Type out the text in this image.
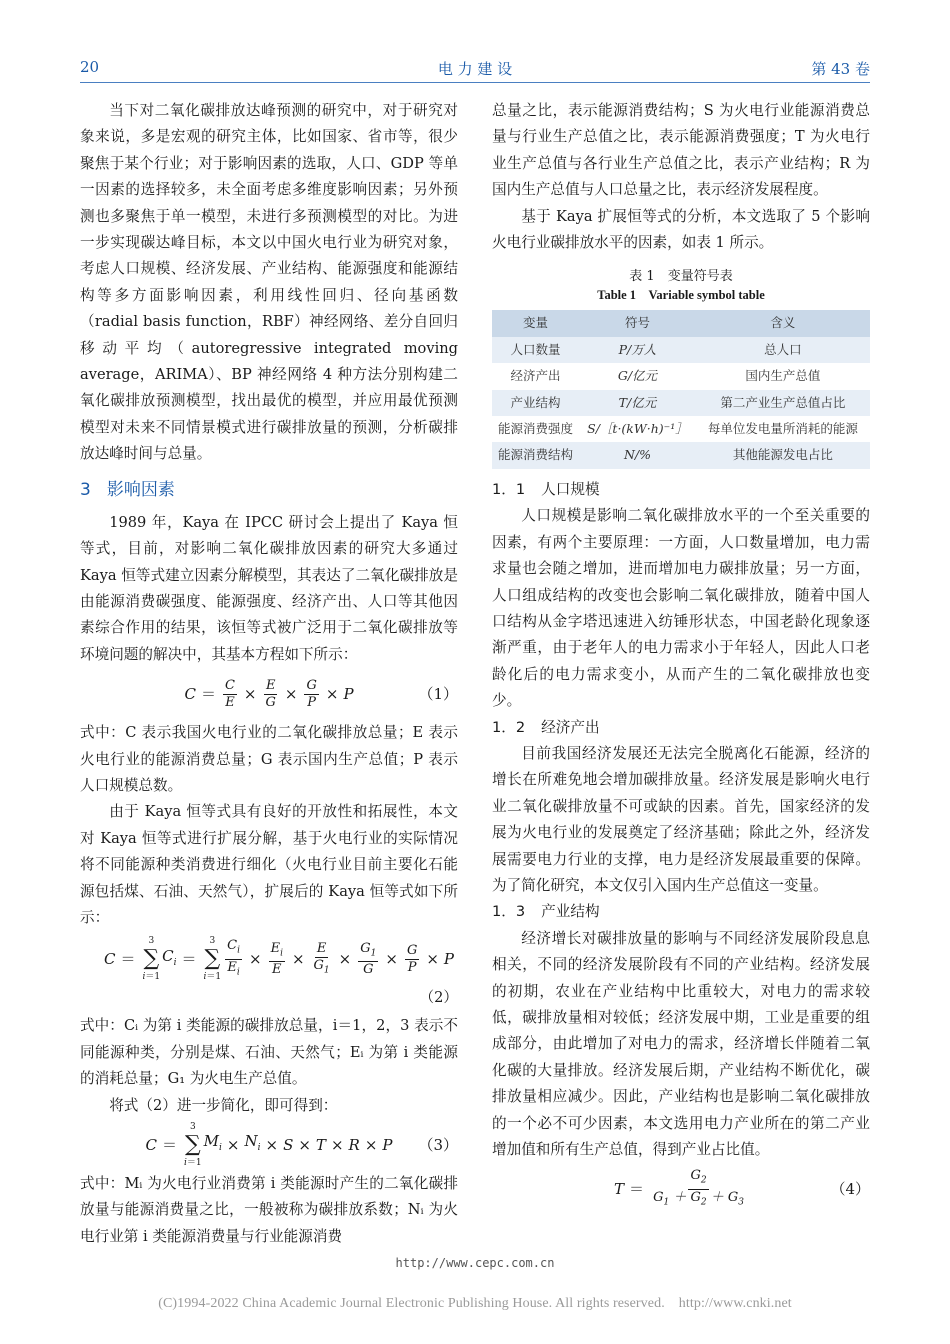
20	电 力 建 设	第 43 卷

当下对二氧化碳排放达峰预测的研究中，对于研究对象来说，多是宏观的研究主体，比如国家、省市等，很少聚焦于某个行业；对于影响因素的选取，人口、GDP 等单一因素的选择较多，未全面考虑多维度影响因素；另外预测也多聚焦于单一模型，未进行多预测模型的对比。为进一步实现碳达峰目标，本文以中国火电行业为研究对象，考虑人口规模、经济发展、产业结构、能源强度和能源结构等多方面影响因素，利用线性回归、径向基函数（radial basis function，RBF）神经网络、差分自回归移动平均（autoregressive integrated moving average，ARIMA）、BP 神经网络 4 种方法分别构建二氧化碳排放预测模型，找出最优的模型，并应用最优预测模型对未来不同情景模式进行碳排放量的预测，分析碳排放达峰时间与总量。

3 影响因素

1989 年，Kaya 在 IPCC 研讨会上提出了 Kaya 恒等式，目前，对影响二氧化碳排放因素的研究大多通过 Kaya 恒等式建立因素分解模型，其表达了二氧化碳排放是由能源消费碳强度、能源强度、经济产出、人口等其他因素综合作用的结果，该恒等式被广泛用于二氧化碳排放等环境问题的解决中，其基本方程如下所示：

$C = \frac{C}{E} \times \frac{E}{G} \times \frac{G}{P} \times P$	（1）

式中：C 表示我国火电行业的二氧化碳排放总量；E 表示火电行业的能源消费总量；G 表示国内生产总值；P 表示人口规模总数。

由于 Kaya 恒等式具有良好的开放性和拓展性，本文对 Kaya 恒等式进行扩展分解，基于火电行业的实际情况将不同能源种类消费进行细化（火电行业目前主要化石能源包括煤、石油、天然气），扩展后的 Kaya 恒等式如下所示：

C ＝
3
∑
i＝1
$C_i$ ＝
3
∑
$i=1 \frac{C_i}{E_i} \times \frac{E_i}{E} \times \frac{E}{G_1} \times \frac{G_1}{G} \times \frac{G}{P} \times P$
（2）

式中：Cᵢ 为第 i 类能源的碳排放总量，i＝1，2，3 表示不同能源种类，分别是煤、石油、天然气；Eᵢ 为第 i 类能源的消耗总量；G₁ 为火电生产总值。

将式（2）进一步简化，即可得到：

C ＝
3
∑
i＝1
$M_i \times N_i \times S \times T \times R \times P$ （3）

式中：Mᵢ 为火电行业消费第 i 类能源时产生的二氧化碳排放量与能源消费量之比，一般被称为碳排放系数；Nᵢ 为火电行业第 i 类能源消费量与行业能源消费

总量之比，表示能源消费结构；S 为火电行业能源消费总量与行业生产总值之比，表示能源消费强度；T 为火电行业生产总值与各行业生产总值之比，表示产业结构；R 为国内生产总值与人口总量之比，表示经济发展程度。

基于 Kaya 扩展恒等式的分析，本文选取了 5 个影响火电行业碳排放水平的因素，如表 1 所示。

表 1　变量符号表
Table 1　Variable symbol table
变量	符号	含义
人口数量	P/万人	总人口
经济产出	G/亿元	国内生产总值
产业结构	T/亿元	第二产业生产总值占比
能源消费强度	S/［t·(kW·h)⁻¹］	每单位发电量所消耗的能源
能源消费结构	N/%	其他能源发电占比
1．1 人口规模

人口规模是影响二氧化碳排放水平的一个至关重要的因素，有两个主要原理：一方面，人口数量增加，电力需求量也会随之增加，进而增加电力碳排放量；另一方面，人口组成结构的改变也会影响二氧化碳排放，随着中国人口结构从金字塔迅速进入纺锤形状态，中国老龄化现象逐渐严重，由于老年人的电力需求小于年轻人，因此人口老龄化后的电力需求变小，从而产生的二氧化碳排放也变少。

1．2 经济产出

目前我国经济发展还无法完全脱离化石能源，经济的增长在所难免地会增加碳排放量。经济发展是影响火电行业二氧化碳排放量不可或缺的因素。首先，国家经济的发展为火电行业的发展奠定了经济基础；除此之外，经济发展需要电力行业的支撑，电力是经济发展最重要的保障。为了简化研究，本文仅引入国内生产总值这一变量。

1．3 产业结构

经济增长对碳排放量的影响与不同经济发展阶段息息相关，不同的经济发展阶段有不同的产业结构。经济发展的初期，农业在产业结构中比重较大，对电力的需求较低，碳排放量相对较低；经济发展中期，工业是重要的组成部分，由此增加了对电力的需求，经济增长伴随着二氧化碳的大量排放。经济发展后期，产业结构不断优化，碳排放量相应减少。因此，产业结构也是影响二氧化碳排放的一个必不可少因素，本文选用电力产业所在的第二产业增加值和所有生产总值，得到产业占比值。

$T = \frac{G_2}{G_1 + G_2 + G_3}$	（4）
http://www.cepc.com.cn
(C)1994-2022 China Academic Journal Electronic Publishing House. All rights reserved. http://www.cnki.net
